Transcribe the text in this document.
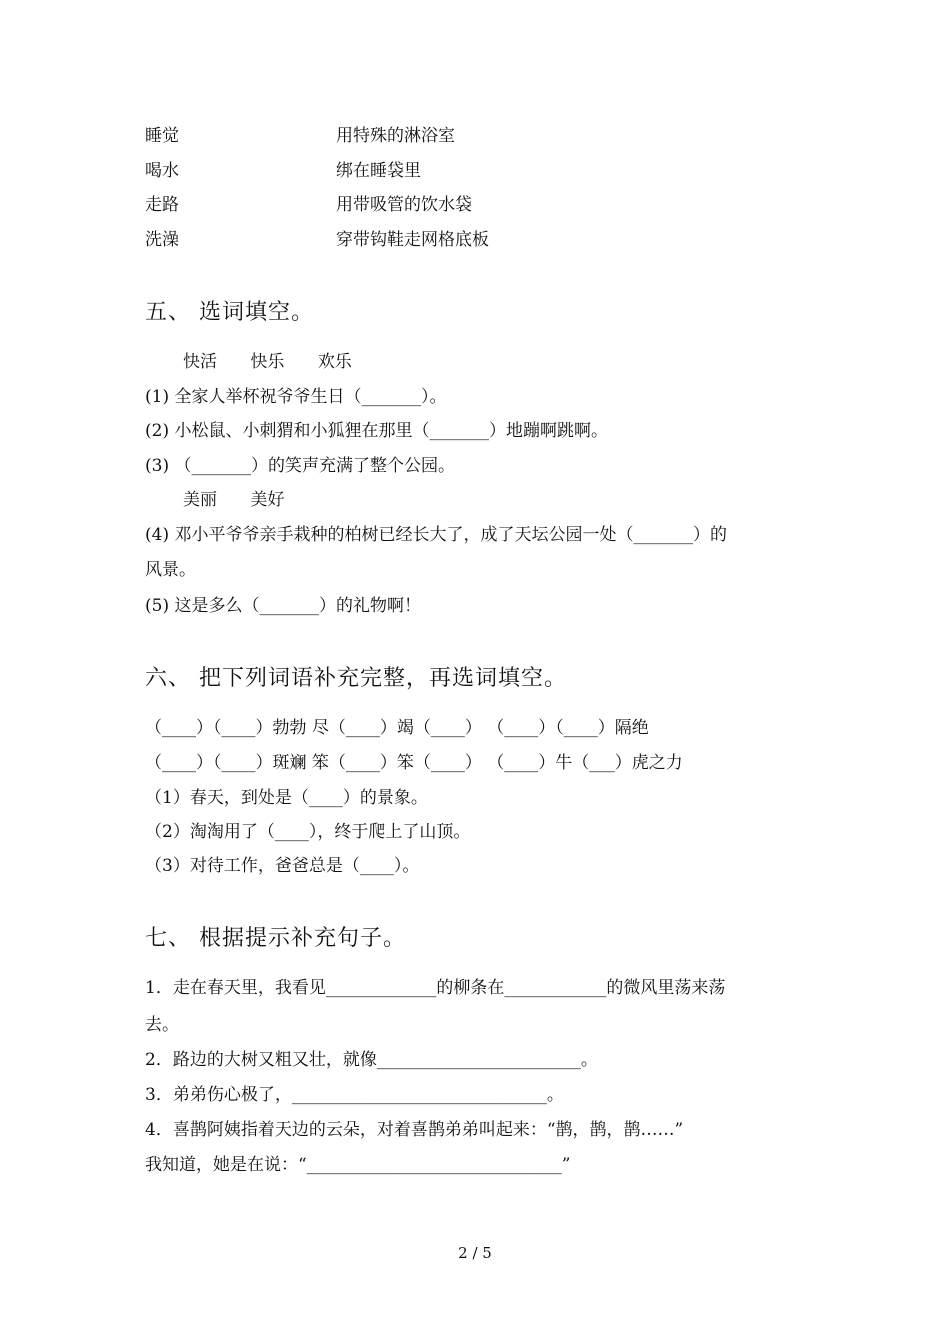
睡觉	用特殊的淋浴室
喝水	绑在睡袋里
走路	用带吸管的饮水袋
洗澡	穿带钩鞋走网格底板
五、 选词填空。
快活 快乐 欢乐
(1) 全家人举杯祝爷爷生日（_______）。
(2) 小松鼠、小刺猬和小狐狸在那里（_______）地蹦啊跳啊。
(3) （_______）的笑声充满了整个公园。
美丽 美好
(4) 邓小平爷爷亲手栽种的柏树已经长大了，成了天坛公园一处（_______）的
风景。
(5) 这是多么（_______）的礼物啊！
六、 把下列词语补充完整，再选词填空。
（____）（____）勃勃 尽（____）竭（____） （____）（____）隔绝
（____）（____）斑斓 笨（____）笨（____） （____）牛（___）虎之力
（1）春天，到处是（____）的景象。
（2）淘淘用了（____），终于爬上了山顶。
（3）对待工作，爸爸总是（____）。
七、 根据提示补充句子。
1．走在春天里，我看见_____________的柳条在____________的微风里荡来荡
去。
2．路边的大树又粗又壮，就像________________________。
3．弟弟伤心极了，______________________________。
4．喜鹊阿姨指着天边的云朵，对着喜鹊弟弟叫起来：“鹊，鹊，鹊……”
我知道，她是在说：“______________________________”
2 / 5
